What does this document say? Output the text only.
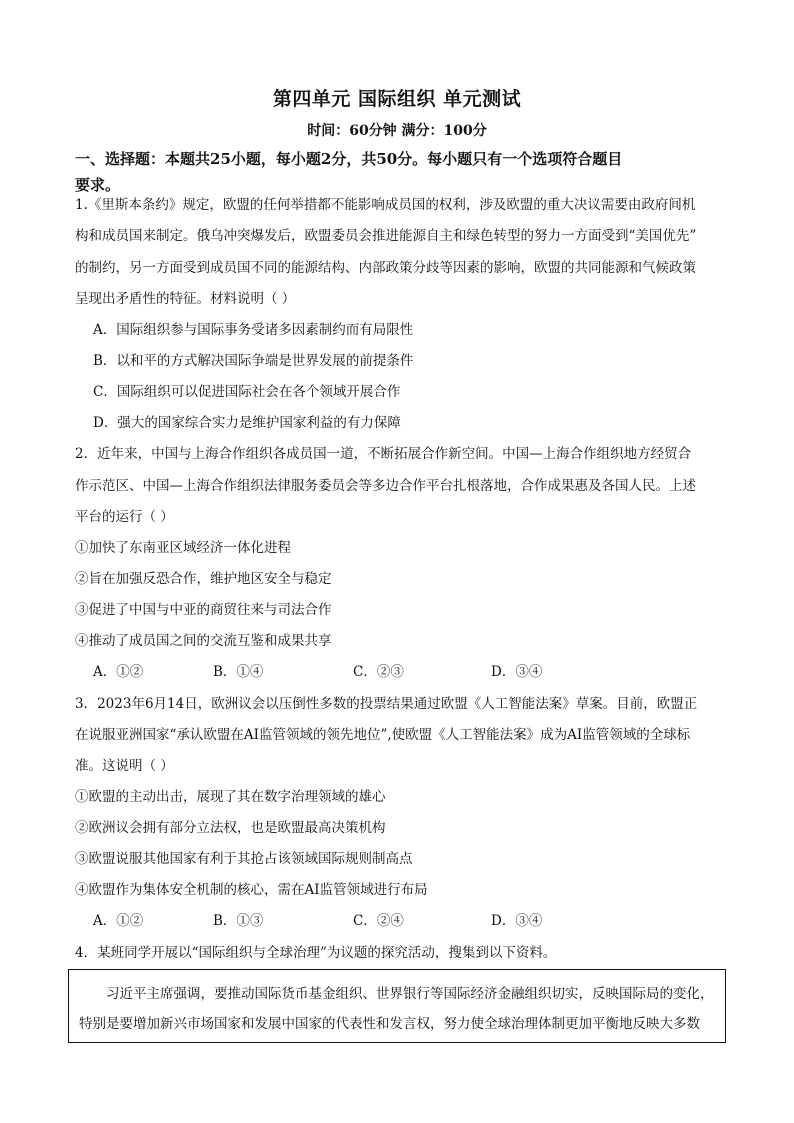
第四单元 国际组织 单元测试
时间：60分钟 满分：100分
一、选择题：本题共25小题，每小题2分，共50分。每小题只有一个选项符合题目
要求。
1.《里斯本条约》规定，欧盟的任何举措都不能影响成员国的权利，涉及欧盟的重大决议需要由政府间机
构和成员国来制定。俄乌冲突爆发后，欧盟委员会推进能源自主和绿色转型的努力一方面受到“美国优先”
的制约，另一方面受到成员国不同的能源结构、内部政策分歧等因素的影响，欧盟的共同能源和气候政策
呈现出矛盾性的特征。材料说明（ ）
A．国际组织参与国际事务受诸多因素制约而有局限性
B．以和平的方式解决国际争端是世界发展的前提条件
C．国际组织可以促进国际社会在各个领域开展合作
D．强大的国家综合实力是维护国家利益的有力保障
2．近年来，中国与上海合作组织各成员国一道，不断拓展合作新空间。中国—上海合作组织地方经贸合
作示范区、中国—上海合作组织法律服务委员会等多边合作平台扎根落地，合作成果惠及各国人民。上述
平台的运行（ ）
①加快了东南亚区域经济一体化进程
②旨在加强反恐合作，维护地区安全与稳定
③促进了中国与中亚的商贸往来与司法合作
④推动了成员国之间的交流互鉴和成果共享
A．①②	B．①④	C．②③	D．③④
3．2023年6月14日，欧洲议会以压倒性多数的投票结果通过欧盟《人工智能法案》草案。目前，欧盟正
在说服亚洲国家“承认欧盟在AI监管领域的领先地位”,使欧盟《人工智能法案》成为AI监管领域的全球标
准。这说明（ ）
①欧盟的主动出击，展现了其在数字治理领域的雄心
②欧洲议会拥有部分立法权，也是欧盟最高决策机构
③欧盟说服其他国家有利于其抢占该领域国际规则制高点
④欧盟作为集体安全机制的核心，需在AI监管领域进行布局
A．①②	B．①③	C．②④	D．③④
4．某班同学开展以“国际组织与全球治理”为议题的探究活动，搜集到以下资料。
　　习近平主席强调，要推动国际货币基金组织、世界银行等国际经济金融组织切实，反映国际局的变化，
特别是要增加新兴市场国家和发展中国家的代表性和发言权，努力使全球治理体制更加平衡地反映大多数
